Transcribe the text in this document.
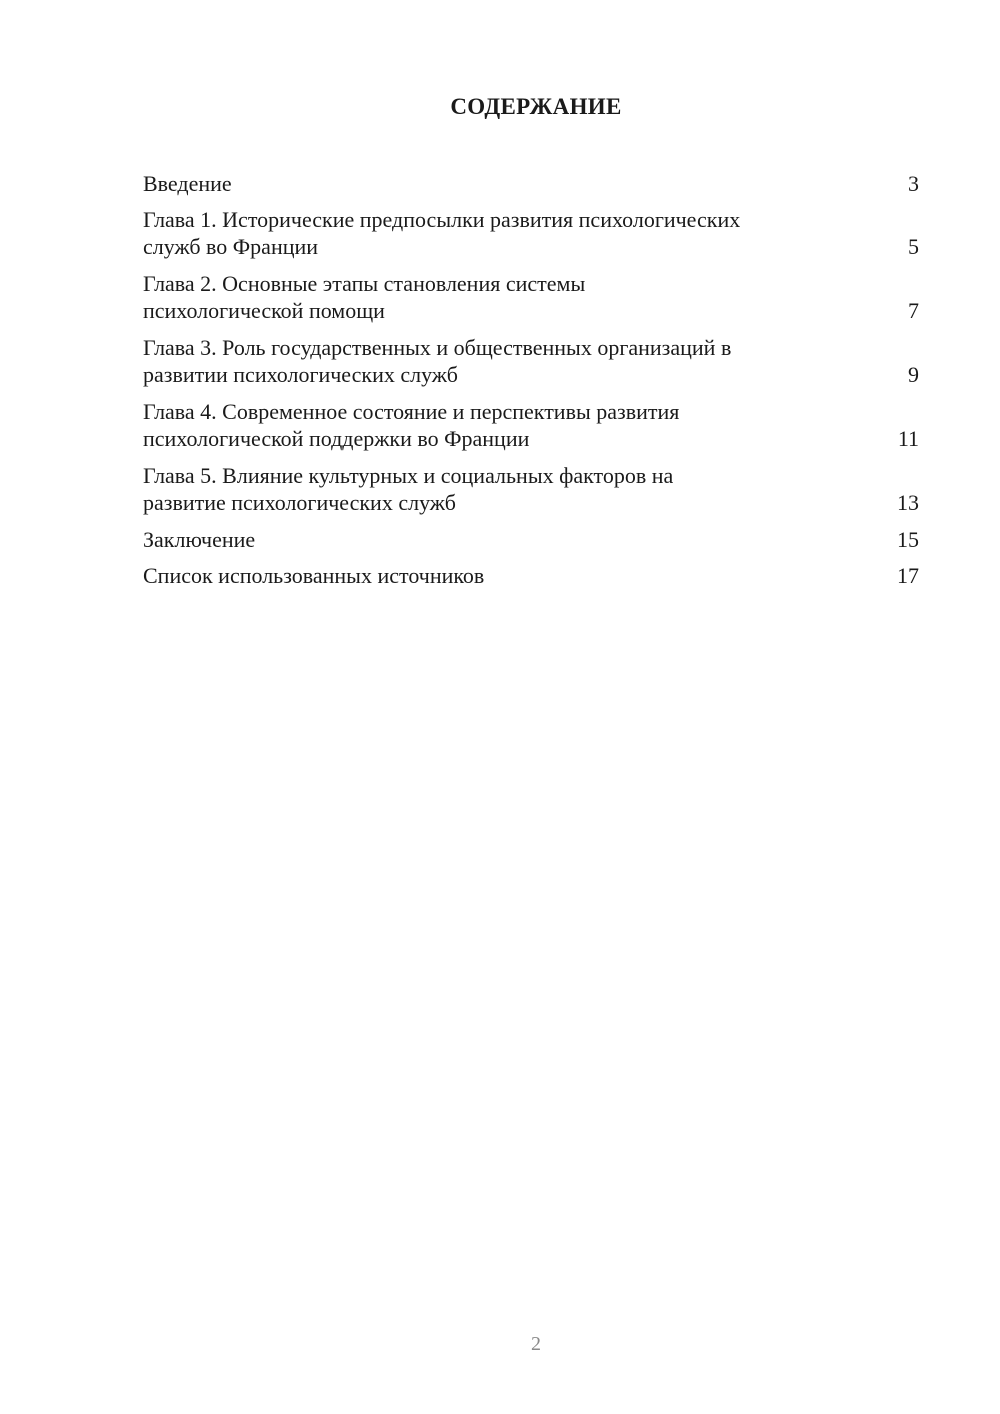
СОДЕРЖАНИЕ
Введение	3
Глава 1. Исторические предпосылки развития психологических
служб во Франции	5
Глава 2. Основные этапы становления системы
психологической помощи	7
Глава 3. Роль государственных и общественных организаций в
развитии психологических служб	9
Глава 4. Современное состояние и перспективы развития
психологической поддержки во Франции	11
Глава 5. Влияние культурных и социальных факторов на
развитие психологических служб	13
Заключение	15
Список использованных источников	17
2
